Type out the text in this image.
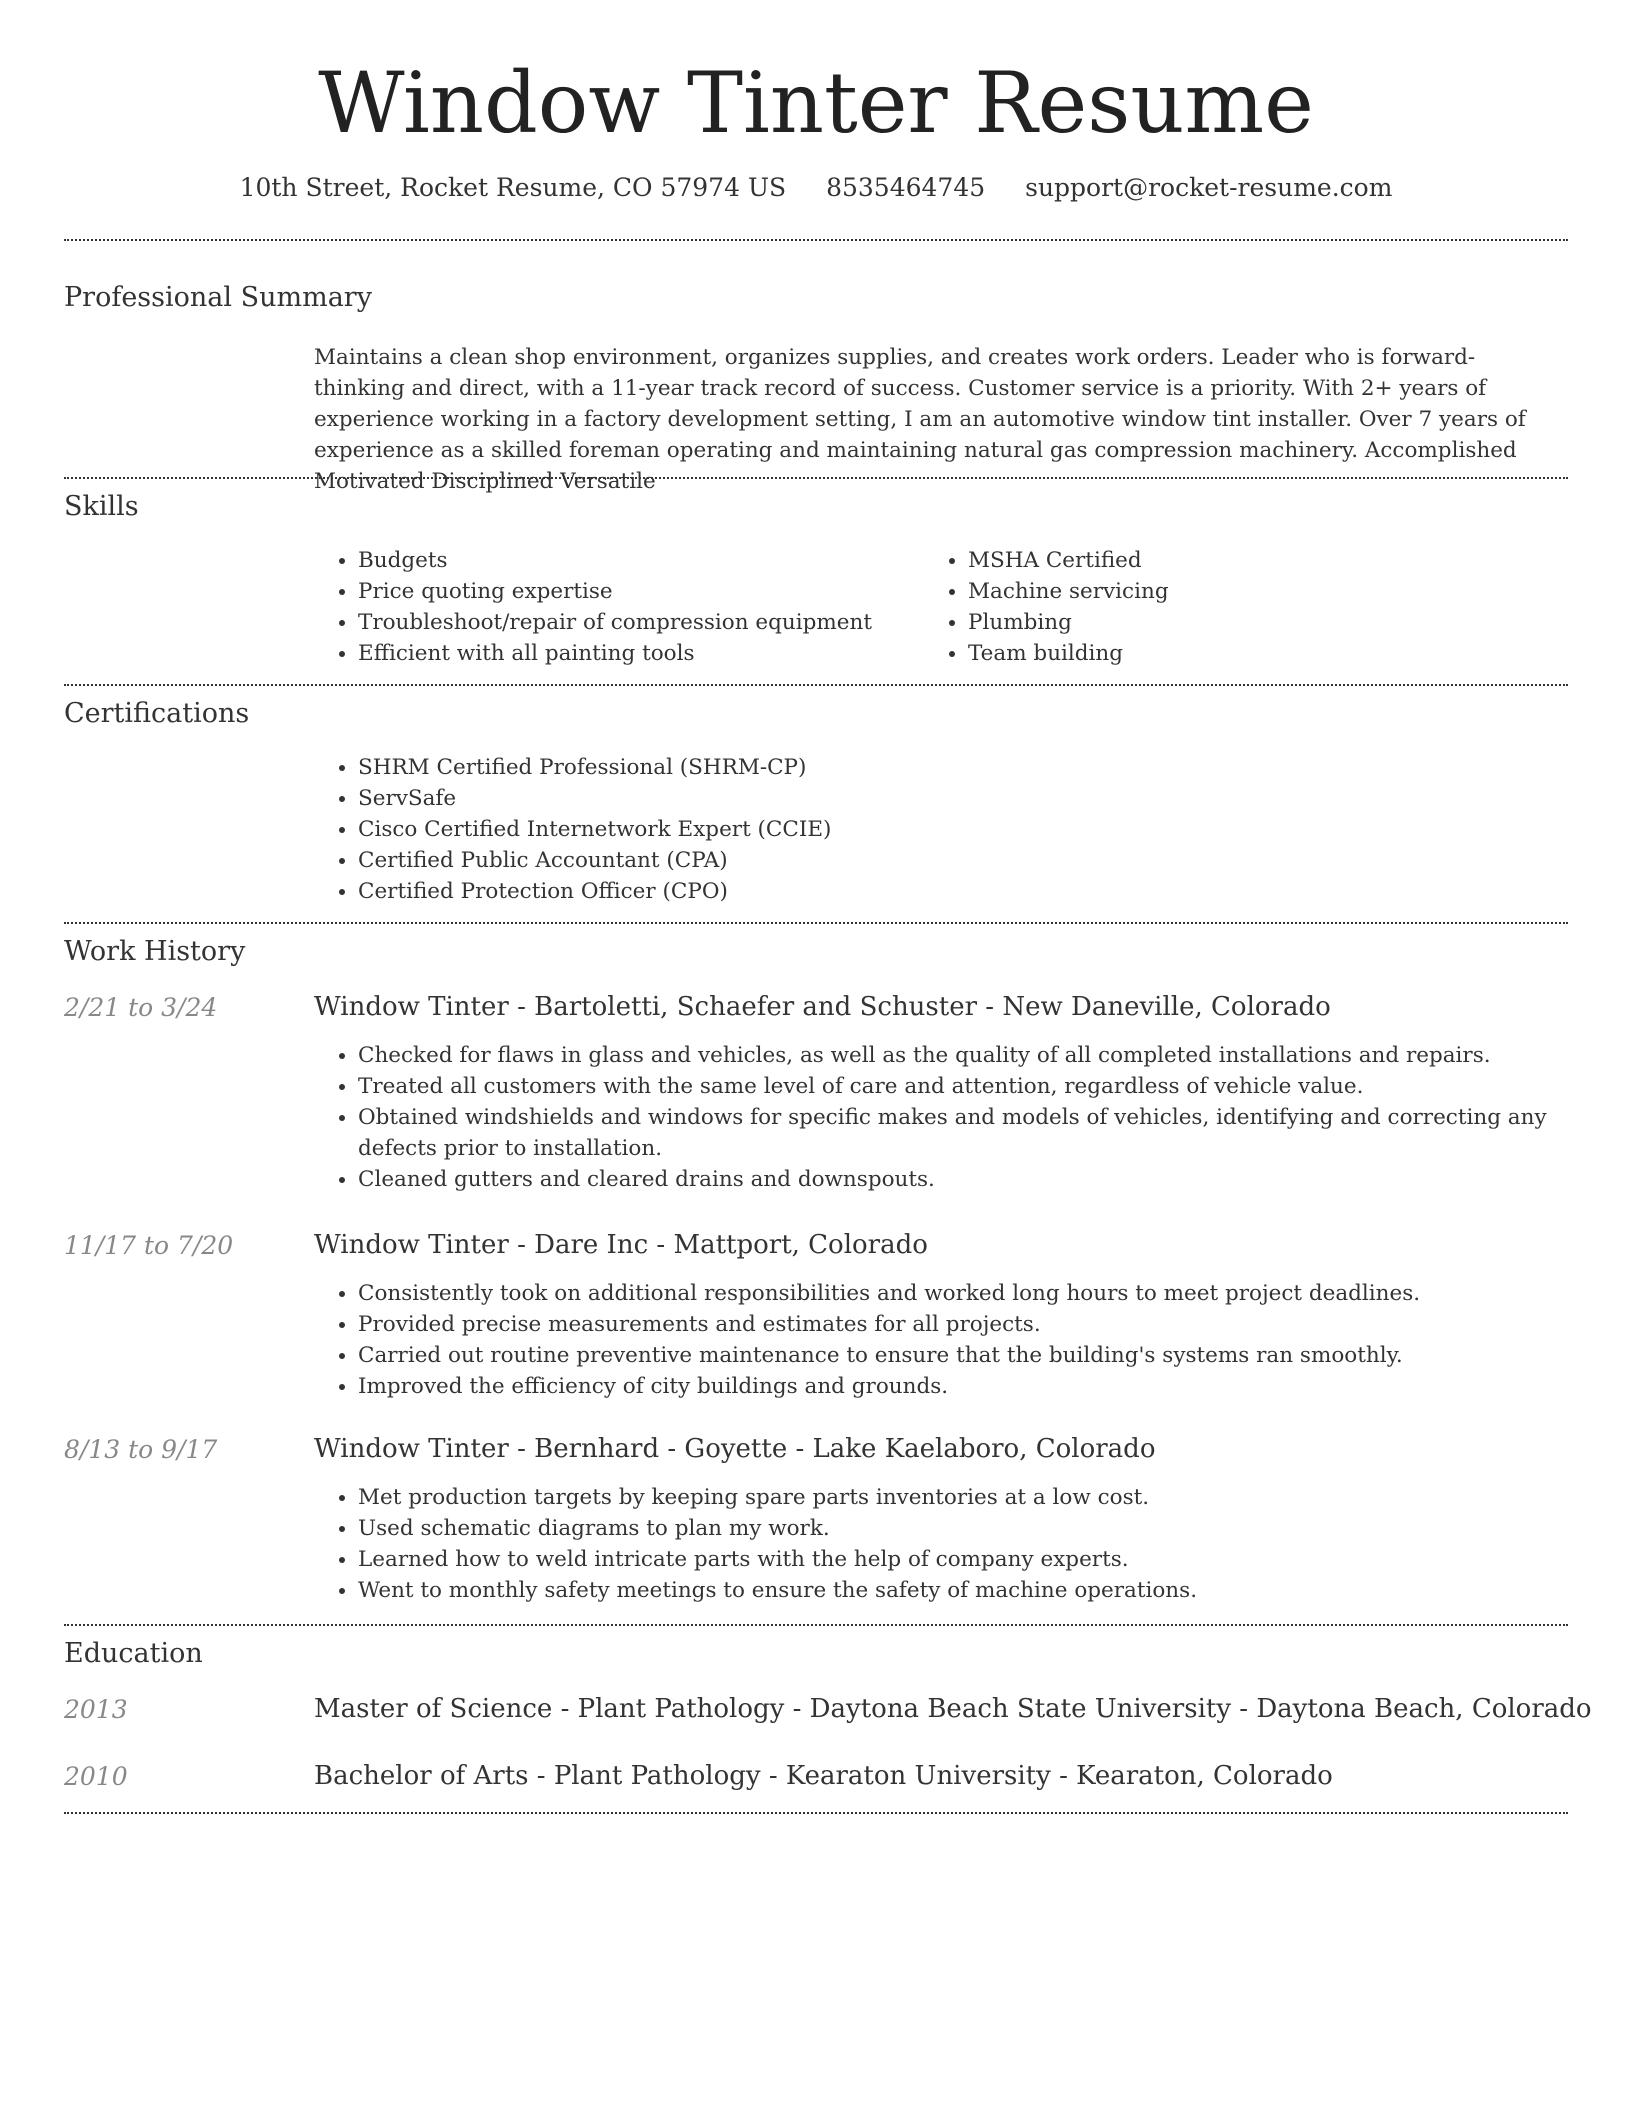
Window Tinter Resume
10th Street, Rocket Resume, CO 57974 US 8535464745 support@rocket-resume.com
Professional Summary

Maintains a clean shop environment, organizes supplies, and creates work orders. Leader who is forward-thinking and direct, with a 11-year track record of success. Customer service is a priority. With 2+ years of experience working in a factory development setting, I am an automotive window tint installer. Over 7 years of experience as a skilled foreman operating and maintaining natural gas compression machinery. Accomplished Motivated Disciplined Versatile

Skills
• Budgets
• Price quoting expertise
• Troubleshoot/repair of compression equipment
• Efficient with all painting tools
• MSHA Certified
• Machine servicing
• Plumbing
• Team building
Certifications
• SHRM Certified Professional (SHRM-CP)
• ServSafe
• Cisco Certified Internetwork Expert (CCIE)
• Certified Public Accountant (CPA)
• Certified Protection Officer (CPO)
Work History
2/21 to 3/24	Window Tinter - Bartoletti, Schaefer and Schuster - New Daneville, Colorado
• Checked for flaws in glass and vehicles, as well as the quality of all completed installations and repairs.
• Treated all customers with the same level of care and attention, regardless of vehicle value.
• Obtained windshields and windows for specific makes and models of vehicles, identifying and correcting any defects prior to installation.
• Cleaned gutters and cleared drains and downspouts.
11/17 to 7/20	Window Tinter - Dare Inc - Mattport, Colorado
• Consistently took on additional responsibilities and worked long hours to meet project deadlines.
• Provided precise measurements and estimates for all projects.
• Carried out routine preventive maintenance to ensure that the building's systems ran smoothly.
• Improved the efficiency of city buildings and grounds.
8/13 to 9/17	Window Tinter - Bernhard - Goyette - Lake Kaelaboro, Colorado
• Met production targets by keeping spare parts inventories at a low cost.
• Used schematic diagrams to plan my work.
• Learned how to weld intricate parts with the help of company experts.
• Went to monthly safety meetings to ensure the safety of machine operations.
Education
2013	Master of Science - Plant Pathology - Daytona Beach State University - Daytona Beach, Colorado
2010	Bachelor of Arts - Plant Pathology - Kearaton University - Kearaton, Colorado
